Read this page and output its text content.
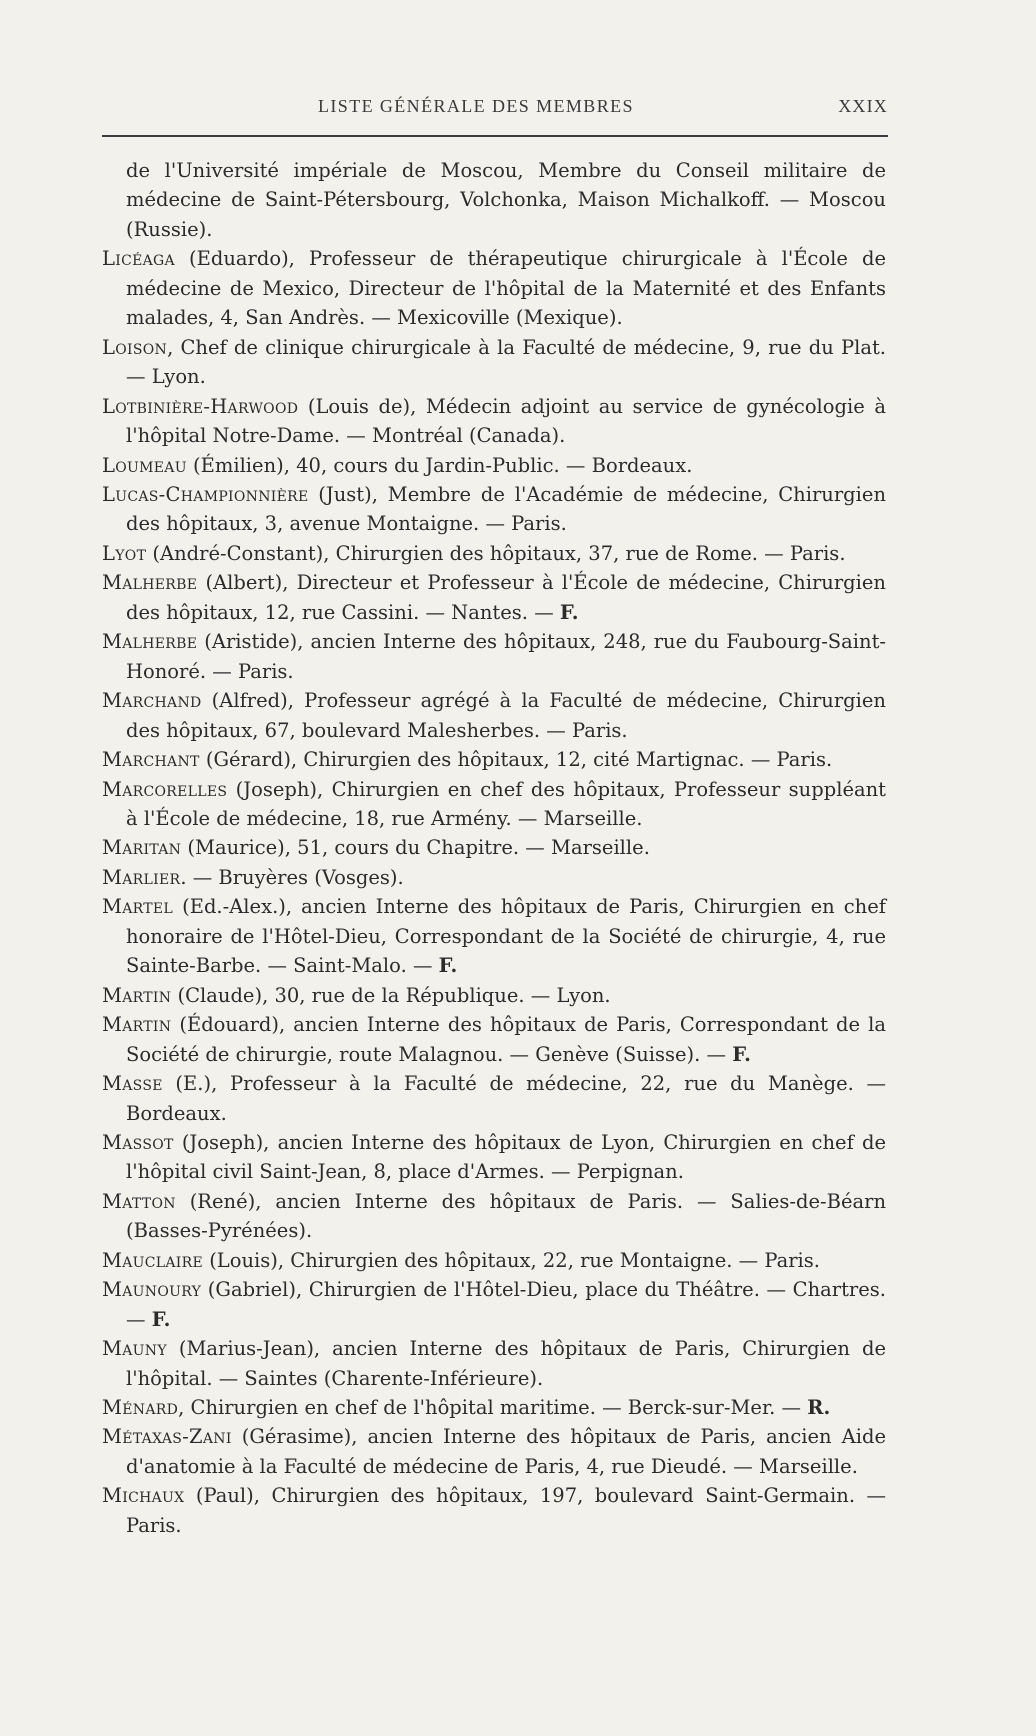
LISTE GÉNÉRALE DES MEMBRES	XXIX

de l'Université impériale de Moscou, Membre du Conseil militaire de médecine de Saint-Pétersbourg, Volchonka, Maison Michalkoff. — Moscou (Russie).

Licéaga (Eduardo), Professeur de thérapeutique chirurgicale à l'École de médecine de Mexico, Directeur de l'hôpital de la Maternité et des Enfants malades, 4, San Andrès. — Mexicoville (Mexique).

Loison, Chef de clinique chirurgicale à la Faculté de médecine, 9, rue du Plat. — Lyon.

Lotbinière-Harwood (Louis de), Médecin adjoint au service de gynécologie à l'hôpital Notre-Dame. — Montréal (Canada).

Loumeau (Émilien), 40, cours du Jardin-Public. — Bordeaux.

Lucas-Championnière (Just), Membre de l'Académie de médecine, Chirurgien des hôpitaux, 3, avenue Montaigne. — Paris.

Lyot (André-Constant), Chirurgien des hôpitaux, 37, rue de Rome. — Paris.

Malherbe (Albert), Directeur et Professeur à l'École de médecine, Chirurgien des hôpitaux, 12, rue Cassini. — Nantes. — F.

Malherbe (Aristide), ancien Interne des hôpitaux, 248, rue du Faubourg-Saint-Honoré. — Paris.

Marchand (Alfred), Professeur agrégé à la Faculté de médecine, Chirurgien des hôpitaux, 67, boulevard Malesherbes. — Paris.

Marchant (Gérard), Chirurgien des hôpitaux, 12, cité Martignac. — Paris.

Marcorelles (Joseph), Chirurgien en chef des hôpitaux, Professeur suppléant à l'École de médecine, 18, rue Armény. — Marseille.

Maritan (Maurice), 51, cours du Chapitre. — Marseille.

Marlier. — Bruyères (Vosges).

Martel (Ed.-Alex.), ancien Interne des hôpitaux de Paris, Chirurgien en chef honoraire de l'Hôtel-Dieu, Correspondant de la Société de chirurgie, 4, rue Sainte-Barbe. — Saint-Malo. — F.

Martin (Claude), 30, rue de la République. — Lyon.

Martin (Édouard), ancien Interne des hôpitaux de Paris, Correspondant de la Société de chirurgie, route Malagnou. — Genève (Suisse). — F.

Masse (E.), Professeur à la Faculté de médecine, 22, rue du Manège. — Bordeaux.

Massot (Joseph), ancien Interne des hôpitaux de Lyon, Chirurgien en chef de l'hôpital civil Saint-Jean, 8, place d'Armes. — Perpignan.

Matton (René), ancien Interne des hôpitaux de Paris. — Salies-de-Béarn (Basses-Pyrénées).

Mauclaire (Louis), Chirurgien des hôpitaux, 22, rue Montaigne. — Paris.

Maunoury (Gabriel), Chirurgien de l'Hôtel-Dieu, place du Théâtre. — Chartres. — F.

Mauny (Marius-Jean), ancien Interne des hôpitaux de Paris, Chirurgien de l'hôpital. — Saintes (Charente-Inférieure).

Ménard, Chirurgien en chef de l'hôpital maritime. — Berck-sur-Mer. — R.

Métaxas-Zani (Gérasime), ancien Interne des hôpitaux de Paris, ancien Aide d'anatomie à la Faculté de médecine de Paris, 4, rue Dieudé. — Marseille.

Michaux (Paul), Chirurgien des hôpitaux, 197, boulevard Saint-Germain. — Paris.
